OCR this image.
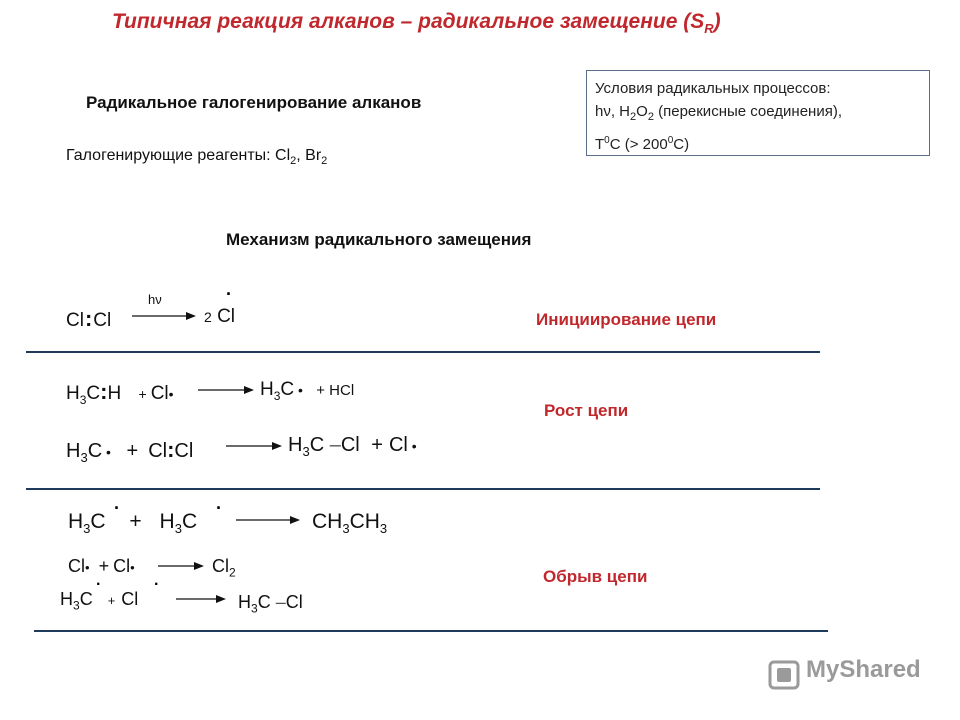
Типичная реакция алканов – радикальное замещение $(S_R)$
Радикальное галогенирование алканов
Галогенирующие реагенты: $Cl_2$, $Br_2$
Условия радикальных процессов:
hν, $H_2O_2$ (перекисные соединения),
$T^0C$ (> $200^0C$)
Механизм радикального замещения
Инициирование цепи
Рост цепи
Обрыв цепи
Cl:Cl
hν
2 Cl
·
$H_3C:H$ + Cl•	$H_3C$ • + HCl
$H_3C$ • + Cl:Cl	$H_3C$ –Cl + Cl •
$H_3C + H_3C$
·	·
$CH_3CH_3$
Cl• + Cl•	$Cl_2$
$H_3C + Cl$
·	·
$H_3C$ –Cl
MyShared
